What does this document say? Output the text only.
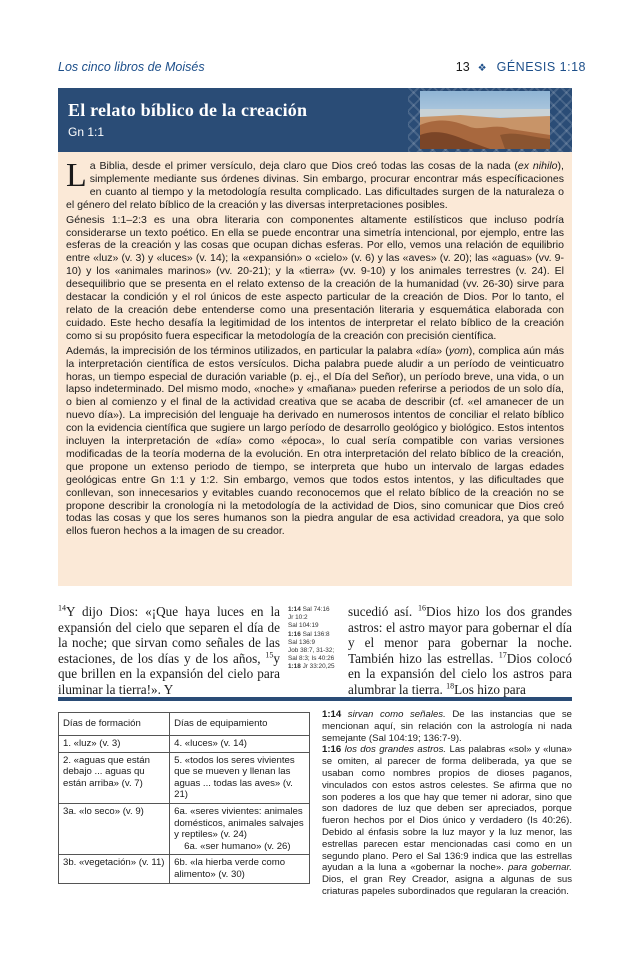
Los cinco libros de Moisés	13 ❖ GÉNESIS 1:18
El relato bíblico de la creación
Gn 1:1

La Biblia, desde el primer versículo, deja claro que Dios creó todas las cosas de la nada (ex nihilo), simplemente mediante sus órdenes divinas. Sin embargo, procurar encontrar más específicaciones en cuanto al tiempo y la metodología resulta complicado. Las dificultades surgen de la naturaleza o el género del relato bíblico de la creación y las diversas interpretaciones posibles.

Génesis 1:1–2:3 es una obra literaria con componentes altamente estilísticos que incluso podría considerarse un texto poético. En ella se puede encontrar una simetría intencional, por ejemplo, entre las esferas de la creación y las cosas que ocupan dichas esferas. Por ello, vemos una relación de equilibrio entre «luz» (v. 3) y «luces» (v. 14); la «expansión» o «cielo» (v. 6) y las «aves» (v. 20); las «aguas» (vv. 9-10) y los «animales marinos» (vv. 20-21); y la «tierra» (vv. 9-10) y los animales terrestres (v. 24). El desequilibrio que se presenta en el relato extenso de la creación de la humanidad (vv. 26-30) sirve para destacar la condición y el rol únicos de este aspecto particular de la creación de Dios. Por lo tanto, el relato de la creación debe entenderse como una presentación literaria y esquemática elaborada con cuidado. Este hecho desafía la legitimidad de los intentos de interpretar el relato bíblico de la creación como si su propósito fuera especificar la metodología de la creación con precisión científica.

Además, la imprecisión de los términos utilizados, en particular la palabra «día» (yom), complica aún más la interpretación científica de estos versículos. Dicha palabra puede aludir a un período de veinticuatro horas, un tiempo especial de duración variable (p. ej., el Día del Señor), un período breve, una vida, o un lapso indeterminado. Del mismo modo, «noche» y «mañana» pueden referirse a periodos de un solo día, o bien al comienzo y el final de la actividad creativa que se acaba de describir (cf. «el amanecer de un nuevo día»). La imprecisión del lenguaje ha derivado en numerosos intentos de conciliar el relato bíblico con la evidencia científica que sugiere un largo período de desarrollo geológico y biológico. Estos intentos incluyen la interpretación de «día» como «época», lo cual sería compatible con varias versiones modificadas de la teoría moderna de la evolución. En otra interpretación del relato bíblico de la creación, que propone un extenso periodo de tiempo, se interpreta que hubo un intervalo de largas edades geológicas entre Gn 1:1 y 1:2. Sin embargo, vemos que todos estos intentos, y las dificultades que conllevan, son innecesarios y evitables cuando reconocemos que el relato bíblico de la creación no se propone describir la cronología ni la metodología de la actividad de Dios, sino comunicar que Dios creó todas las cosas y que los seres humanos son la piedra angular de esa actividad creadora, ya que solo ellos fueron hechos a la imagen de su creador.

$^{14}$Y dijo Dios: «¡Que haya luces en la expansión del cielo que separen el día de la noche; que sirvan como señales de las estaciones, de los días y de los años, $^{15}$y que brillen en la expansión del cielo para iluminar la tierra!». Y
1:14 Sal 74:16
Jr 10:2
Sal 104:19
1:16 Sal 136:8
Sal 136:9
Job 38:7, 31-32;
Sal 8:3; Is 40:26
1:18 Jr 33:20,25
sucedió así. $^{16}$Dios hizo los dos grandes astros: el astro mayor para gobernar el día y el menor para gobernar la noche. También hizo las estrellas. $^{17}$Dios colocó en la expansión del cielo los astros para alumbrar la tierra. $^{18}$Los hizo para
Días de formación	Días de equipamiento
1. «luz» (v. 3)	4. «luces» (v. 14)
2. «aguas que están debajo ... aguas qu están arriba» (v. 7)	5. «todos los seres vivientes que se mueven y llenan las aguas ... todas las aves» (v. 21)
3a. «lo seco» (v. 9)	6a. «seres vivientes: animales domésticos, animales salvajes y reptiles» (v. 24)
6a. «ser humano» (v. 26)

3b. «vegetación» (v. 11)	6b. «la hierba verde como alimento» (v. 30)

1:14 sirvan como señales. De las instancias que se mencionan aquí, sin relación con la astrología ni nada semejante (Sal 104:19; 136:7-9).

1:16 los dos grandes astros. Las palabras «sol» y «luna» se omiten, al parecer de forma deliberada, ya que se usaban como nombres propios de dioses paganos, vinculados con estos astros celestes. Se afirma que no son poderes a los que hay que temer ni adorar, sino que son dadores de luz que deben ser apreciados, porque fueron hechos por el Dios único y verdadero (Is 40:26). Debido al énfasis sobre la luz mayor y la luz menor, las estrellas parecen estar mencionadas casi como en un segundo plano. Pero el Sal 136:9 indica que las estrellas ayudan a la luna a «gobernar la noche». para gobernar. Dios, el gran Rey Creador, asigna a algunas de sus criaturas papeles subordinados que regularan la creación.
